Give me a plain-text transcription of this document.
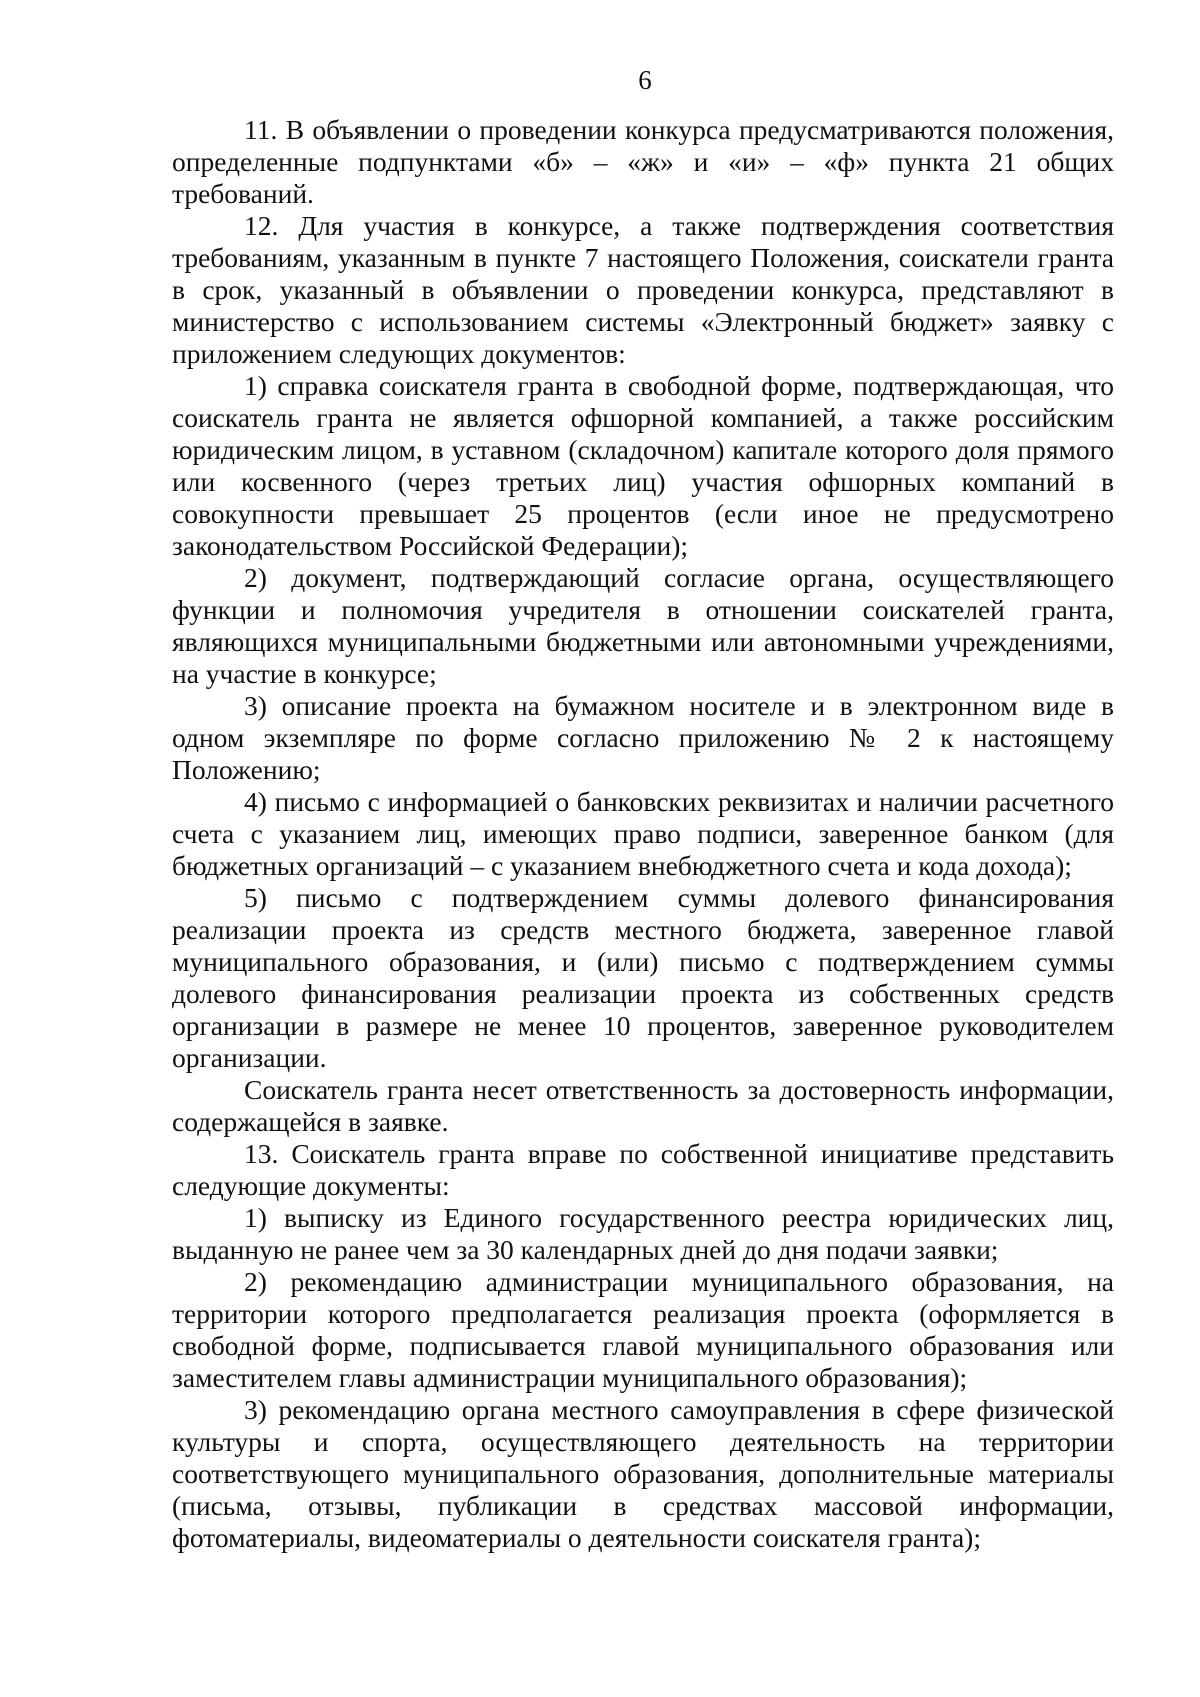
6

11. В объявлении о проведении конкурса предусматриваются положения, определенные подпунктами «б» – «ж» и «и» – «ф» пункта 21 общих требований.

12. Для участия в конкурсе, а также подтверждения соответствия требованиям, указанным в пункте 7 настоящего Положения, соискатели гранта в срок, указанный в объявлении о проведении конкурса, представляют в министерство с использованием системы «Электронный бюджет» заявку с приложением следующих документов:

1) справка соискателя гранта в свободной форме, подтверждающая, что соискатель гранта не является офшорной компанией, а также российским юридическим лицом, в уставном (складочном) капитале которого доля прямого или косвенного (через третьих лиц) участия офшорных компаний в совокупности превышает 25 процентов (если иное не предусмотрено законодательством Российской Федерации);

2) документ, подтверждающий согласие органа, осуществляющего функции и полномочия учредителя в отношении соискателей гранта, являющихся муниципальными бюджетными или автономными учреждениями, на участие в конкурсе;

3) описание проекта на бумажном носителе и в электронном виде в одном экземпляре по форме согласно приложению № 2 к настоящему Положению;

4) письмо с информацией о банковских реквизитах и наличии расчетного счета с указанием лиц, имеющих право подписи, заверенное банком (для бюджетных организаций – с указанием внебюджетного счета и кода дохода);

5) письмо с подтверждением суммы долевого финансирования реализации проекта из средств местного бюджета, заверенное главой муниципального образования, и (или) письмо с подтверждением суммы долевого финансирования реализации проекта из собственных средств организации в размере не менее 10 процентов, заверенное руководителем организации.

Соискатель гранта несет ответственность за достоверность информации, содержащейся в заявке.

13. Соискатель гранта вправе по собственной инициативе представить следующие документы:

1) выписку из Единого государственного реестра юридических лиц, выданную не ранее чем за 30 календарных дней до дня подачи заявки;

2) рекомендацию администрации муниципального образования, на территории которого предполагается реализация проекта (оформляется в свободной форме, подписывается главой муниципального образования или заместителем главы администрации муниципального образования);

3) рекомендацию органа местного самоуправления в сфере физической культуры и спорта, осуществляющего деятельность на территории соответствующего муниципального образования, дополнительные материалы (письма, отзывы, публикации в средствах массовой информации, фотоматериалы, видеоматериалы о деятельности соискателя гранта);
